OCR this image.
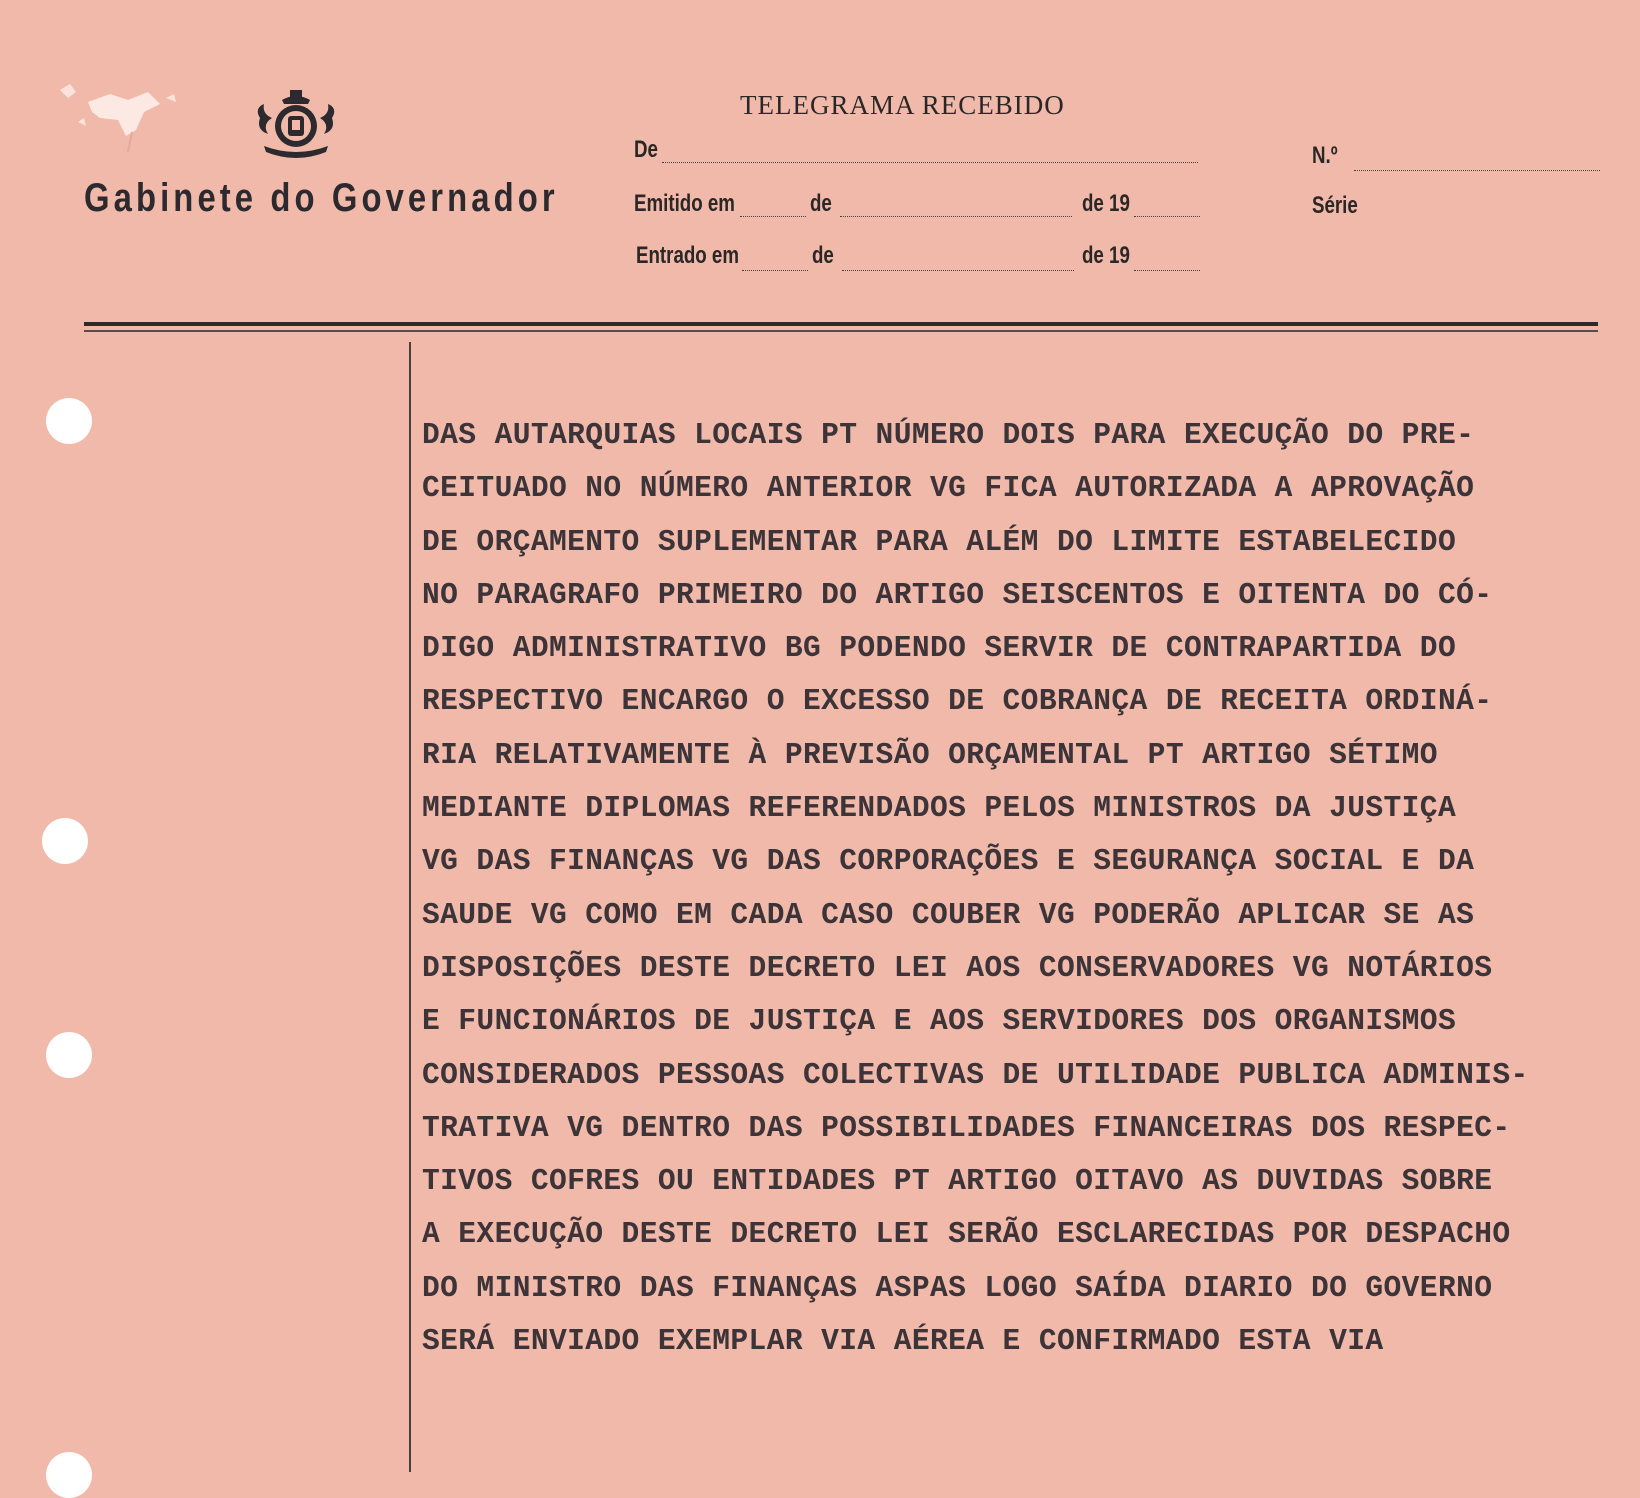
Gabinete do Governador
TELEGRAMA RECEBIDO
De	N.º
Emitido em	de	de 19	Série
Entrado em	de	de 19
DAS AUTARQUIAS LOCAIS PT NÚMERO DOIS PARA EXECUÇÃO DO PRE-
CEITUADO NO NÚMERO ANTERIOR VG FICA AUTORIZADA A APROVAÇÃO
DE ORÇAMENTO SUPLEMENTAR PARA ALÉM DO LIMITE ESTABELECIDO
NO PARAGRAFO PRIMEIRO DO ARTIGO SEISCENTOS E OITENTA DO CÓ-
DIGO ADMINISTRATIVO BG PODENDO SERVIR DE CONTRAPARTIDA DO
RESPECTIVO ENCARGO O EXCESSO DE COBRANÇA DE RECEITA ORDINÁ-
RIA RELATIVAMENTE À PREVISÃO ORÇAMENTAL PT ARTIGO SÉTIMO
MEDIANTE DIPLOMAS REFERENDADOS PELOS MINISTROS DA JUSTIÇA
VG DAS FINANÇAS VG DAS CORPORAÇÕES E SEGURANÇA SOCIAL E DA
SAUDE VG COMO EM CADA CASO COUBER VG PODERÃO APLICAR SE AS
DISPOSIÇÕES DESTE DECRETO LEI AOS CONSERVADORES VG NOTÁRIOS
E FUNCIONÁRIOS DE JUSTIÇA E AOS SERVIDORES DOS ORGANISMOS
CONSIDERADOS PESSOAS COLECTIVAS DE UTILIDADE PUBLICA ADMINIS-
TRATIVA VG DENTRO DAS POSSIBILIDADES FINANCEIRAS DOS RESPEC-
TIVOS COFRES OU ENTIDADES PT ARTIGO OITAVO AS DUVIDAS SOBRE
A EXECUÇÃO DESTE DECRETO LEI SERÃO ESCLARECIDAS POR DESPACHO
DO MINISTRO DAS FINANÇAS ASPAS LOGO SAÍDA DIARIO DO GOVERNO
SERÁ ENVIADO EXEMPLAR VIA AÉREA E CONFIRMADO ESTA VIA
